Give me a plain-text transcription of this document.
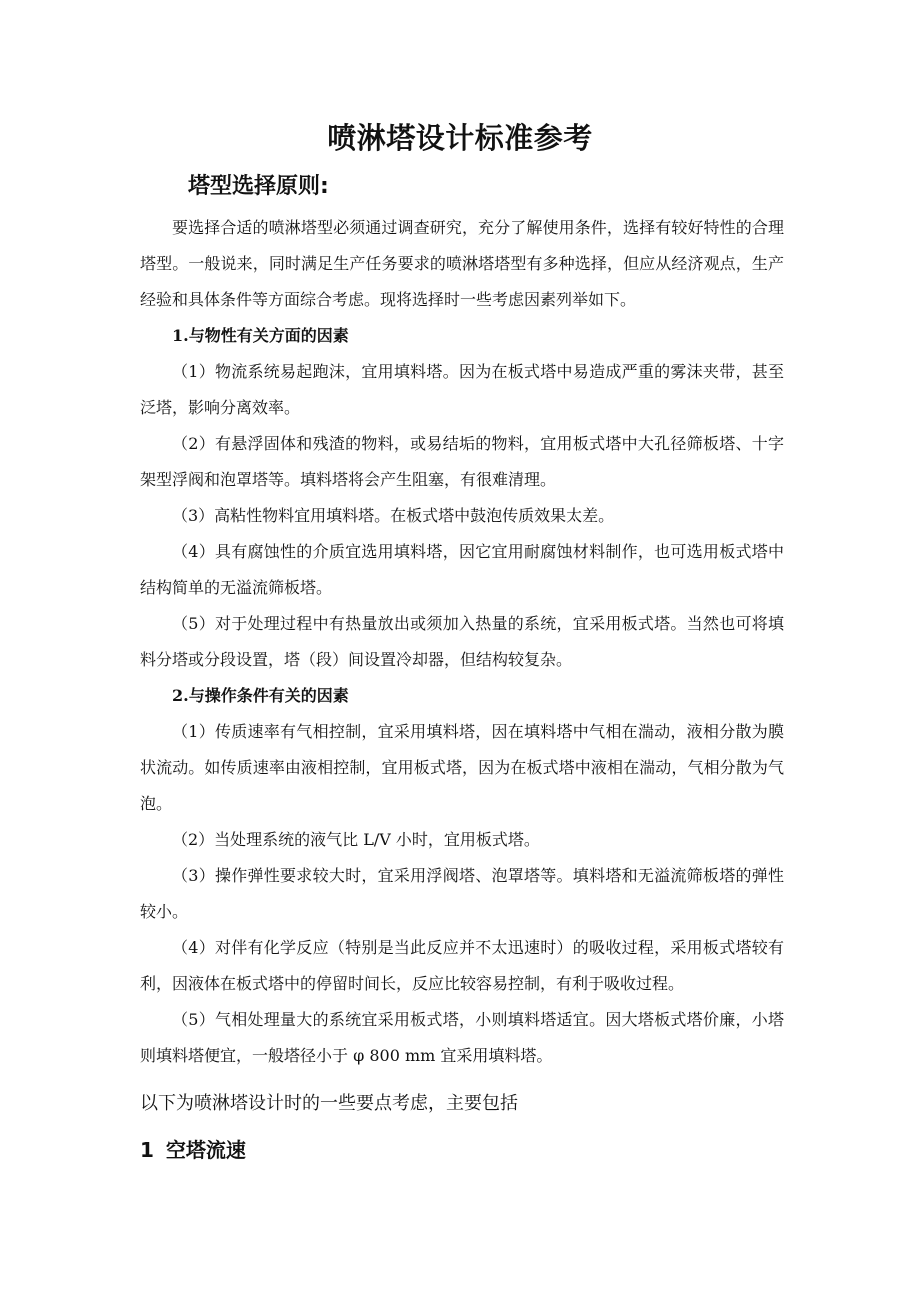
喷淋塔设计标准参考
塔型选择原则:

要选择合适的喷淋塔型必须通过调查研究，充分了解使用条件，选择有较好特性的合理塔型。一般说来，同时满足生产任务要求的喷淋塔塔型有多种选择，但应从经济观点，生产经验和具体条件等方面综合考虑。现将选择时一些考虑因素列举如下。

1.与物性有关方面的因素

（1）物流系统易起跑沫，宜用填料塔。因为在板式塔中易造成严重的雾沫夹带，甚至泛塔，影响分离效率。

（2）有悬浮固体和残渣的物料，或易结垢的物料，宜用板式塔中大孔径筛板塔、十字架型浮阀和泡罩塔等。填料塔将会产生阻塞，有很难清理。

（3）高粘性物料宜用填料塔。在板式塔中鼓泡传质效果太差。

（4）具有腐蚀性的介质宜选用填料塔，因它宜用耐腐蚀材料制作，也可选用板式塔中结构简单的无溢流筛板塔。

（5）对于处理过程中有热量放出或须加入热量的系统，宜采用板式塔。当然也可将填料分塔或分段设置，塔（段）间设置冷却器，但结构较复杂。

2.与操作条件有关的因素

（1）传质速率有气相控制，宜采用填料塔，因在填料塔中气相在湍动，液相分散为膜状流动。如传质速率由液相控制，宜用板式塔，因为在板式塔中液相在湍动，气相分散为气泡。

（2）当处理系统的液气比 L/V 小时，宜用板式塔。

（3）操作弹性要求较大时，宜采用浮阀塔、泡罩塔等。填料塔和无溢流筛板塔的弹性较小。

（4）对伴有化学反应（特别是当此反应并不太迅速时）的吸收过程，采用板式塔较有利，因液体在板式塔中的停留时间长，反应比较容易控制，有利于吸收过程。

（5）气相处理量大的系统宜采用板式塔，小则填料塔适宜。因大塔板式塔价廉，小塔则填料塔便宜，一般塔径小于 φ 800 mm 宜采用填料塔。

以下为喷淋塔设计时的一些要点考虑，主要包括

1 空塔流速
